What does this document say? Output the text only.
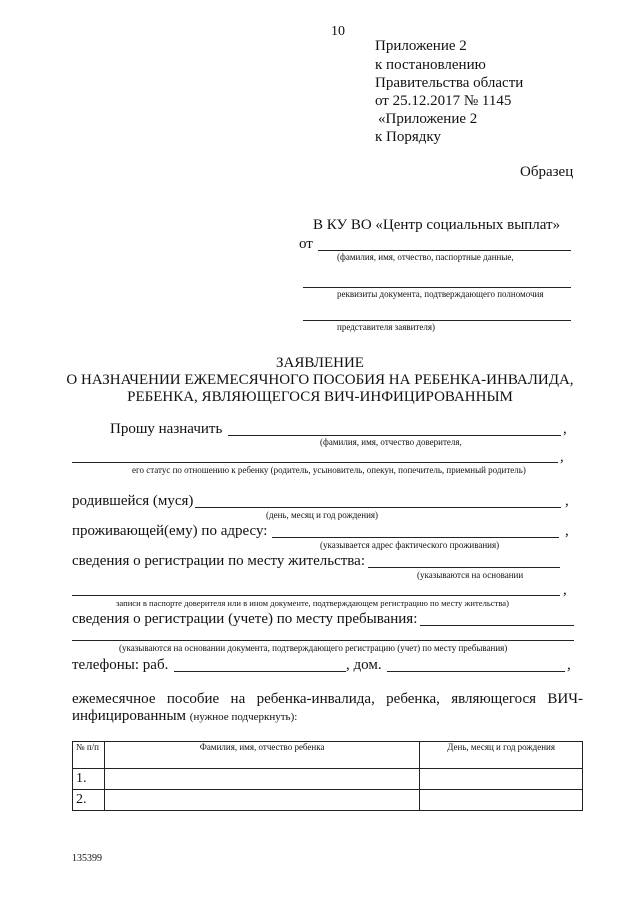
10
Приложение 2
к постановлению
Правительства области
от 25.12.2017 № 1145
«Приложение 2
к Порядку
Образец
В КУ ВО «Центр социальных выплат»
от
(фамилия, имя, отчество, паспортные данные,
реквизиты документа, подтверждающего полномочия
представителя заявителя)
ЗАЯВЛЕНИЕ
О НАЗНАЧЕНИИ ЕЖЕМЕСЯЧНОГО ПОСОБИЯ НА РЕБЕНКА-ИНВАЛИДА,
РЕБЕНКА, ЯВЛЯЮЩЕГОСЯ ВИЧ-ИНФИЦИРОВАННЫМ
Прошу назначить	,
(фамилия, имя, отчество доверителя,
,
его статус по отношению к ребенку (родитель, усыновитель, опекун, попечитель, приемный родитель)
родившейся (муся)	,
(день, месяц и год рождения)
проживающей(ему) по адресу:	,
(указывается адрес фактического проживания)
сведения о регистрации по месту жительства:
(указываются на основании
,
записи в паспорте доверителя или в ином документе, подтверждающем регистрацию по месту жительства)
сведения о регистрации (учете) по месту пребывания:
(указываются на основании документа, подтверждающего регистрацию (учет) по месту пребывания)
телефоны: раб.	, дом.	,
ежемесячное пособие на ребенка-инвалида, ребенка, являющегося ВИЧ-
инфицированным (нужное подчеркнуть):
№ п/п	Фамилия, имя, отчество ребенка	День, месяц и год рождения
1.		
2.		
135399
